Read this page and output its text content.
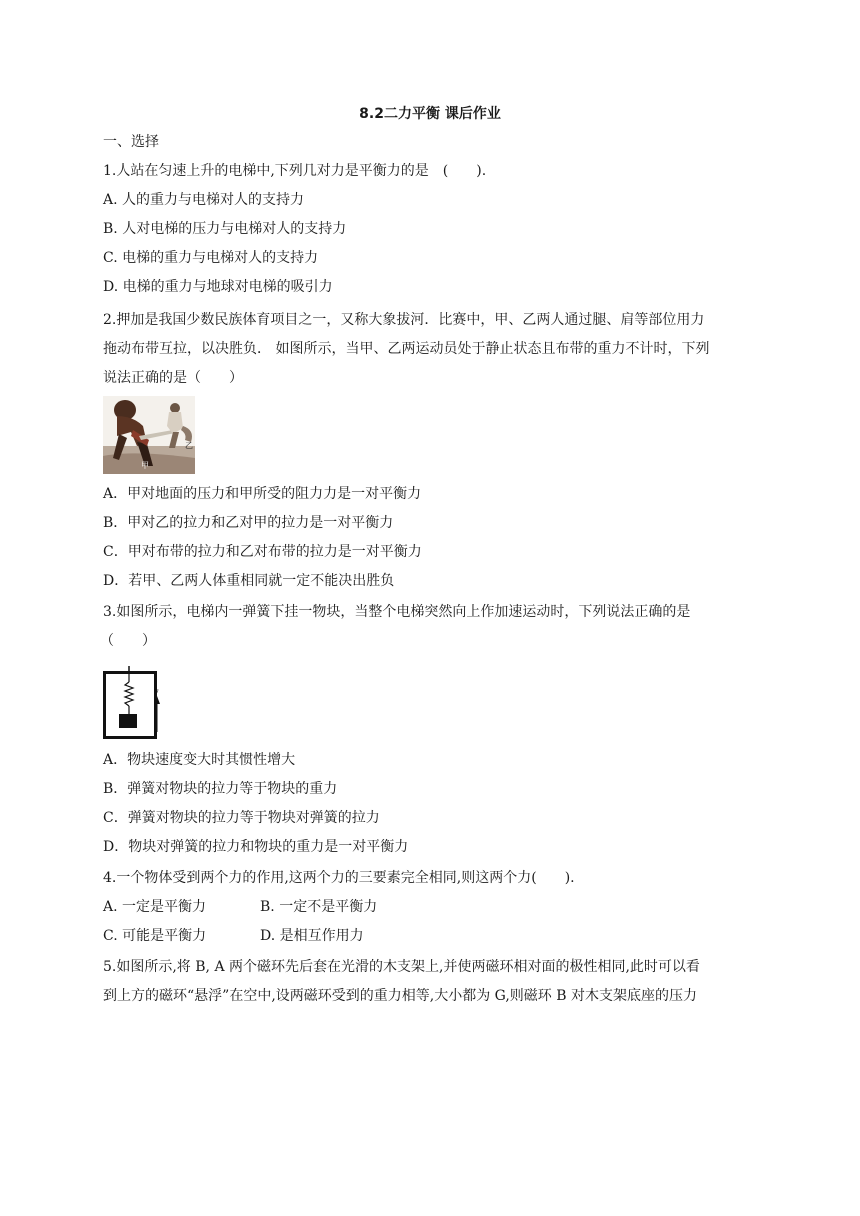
8.2二力平衡 课后作业
一、选择
1.人站在匀速上升的电梯中,下列几对力是平衡力的是　(　　).
A. 人的重力与电梯对人的支持力
B. 人对电梯的压力与电梯对人的支持力
C. 电梯的重力与电梯对人的支持力
D. 电梯的重力与地球对电梯的吸引力
2.押加是我国少数民族体育项目之一，又称大象拔河．比赛中，甲、乙两人通过腿、肩等部位用力
拖动布带互拉，以决胜负． 如图所示，当甲、乙两运动员处于静止状态且布带的重力不计时，下列
说法正确的是（　　）
甲
乙
A．甲对地面的压力和甲所受的阻力力是一对平衡力
B．甲对乙的拉力和乙对甲的拉力是一对平衡力
C．甲对布带的拉力和乙对布带的拉力是一对平衡力
D．若甲、乙两人体重相同就一定不能决出胜负
3.如图所示，电梯内一弹簧下挂一物块，当整个电梯突然向上作加速运动时，下列说法正确的是
（　　）
v
A．物块速度变大时其惯性增大
B．弹簧对物块的拉力等于物块的重力
C．弹簧对物块的拉力等于物块对弹簧的拉力
D．物块对弹簧的拉力和物块的重力是一对平衡力
4.一个物体受到两个力的作用,这两个力的三要素完全相同,则这两个力(　　).
A. 一定是平衡力	B. 一定不是平衡力
C. 可能是平衡力	D. 是相互作用力
5.如图所示,将 B, A 两个磁环先后套在光滑的木支架上,并使两磁环相对面的极性相同,此时可以看
到上方的磁环“悬浮”在空中,设两磁环受到的重力相等,大小都为 G,则磁环 B 对木支架底座的压力
